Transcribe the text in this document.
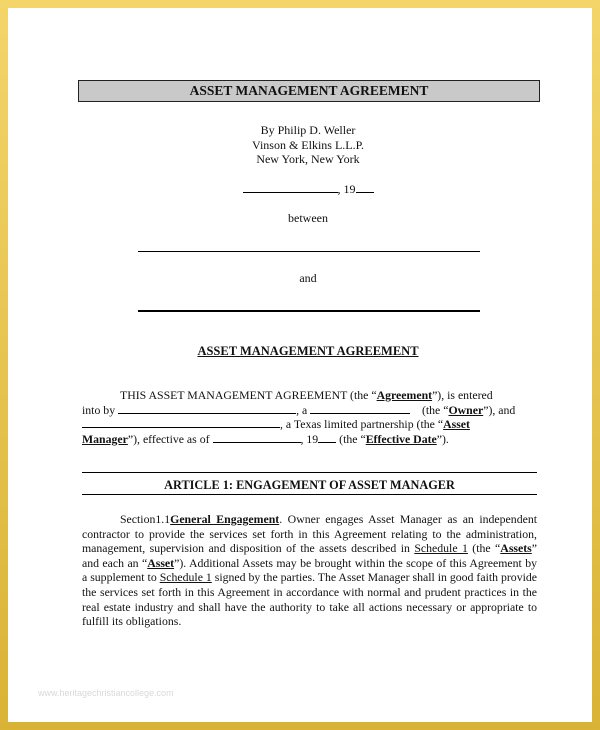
ASSET MANAGEMENT AGREEMENT
By Philip D. Weller
Vinson & Elkins L.L.P.
New York, New York
, 19
between
and
ASSET MANAGEMENT AGREEMENT
THIS ASSET MANAGEMENT AGREEMENT (the “Agreement”), is entered
into by	, a	(the “Owner”), and
, a Texas limited partnership (the “Asset
Manager”), effective as of	, 19 (the “Effective Date”).
ARTICLE 1: ENGAGEMENT OF ASSET MANAGER
Section1.1General Engagement. Owner engages Asset Manager as an independent contractor to provide the services set forth in this Agreement relating to the administration, management, supervision and disposition of the assets described in Schedule 1 (the “Assets” and each an “Asset”). Additional Assets may be brought within the scope of this Agreement by a supplement to Schedule 1 signed by the parties. The Asset Manager shall in good faith provide the services set forth in this Agreement in accordance with normal and prudent practices in the real estate industry and shall have the authority to take all actions necessary or appropriate to fulfill its obligations.
www.heritagechristiancollege.com
